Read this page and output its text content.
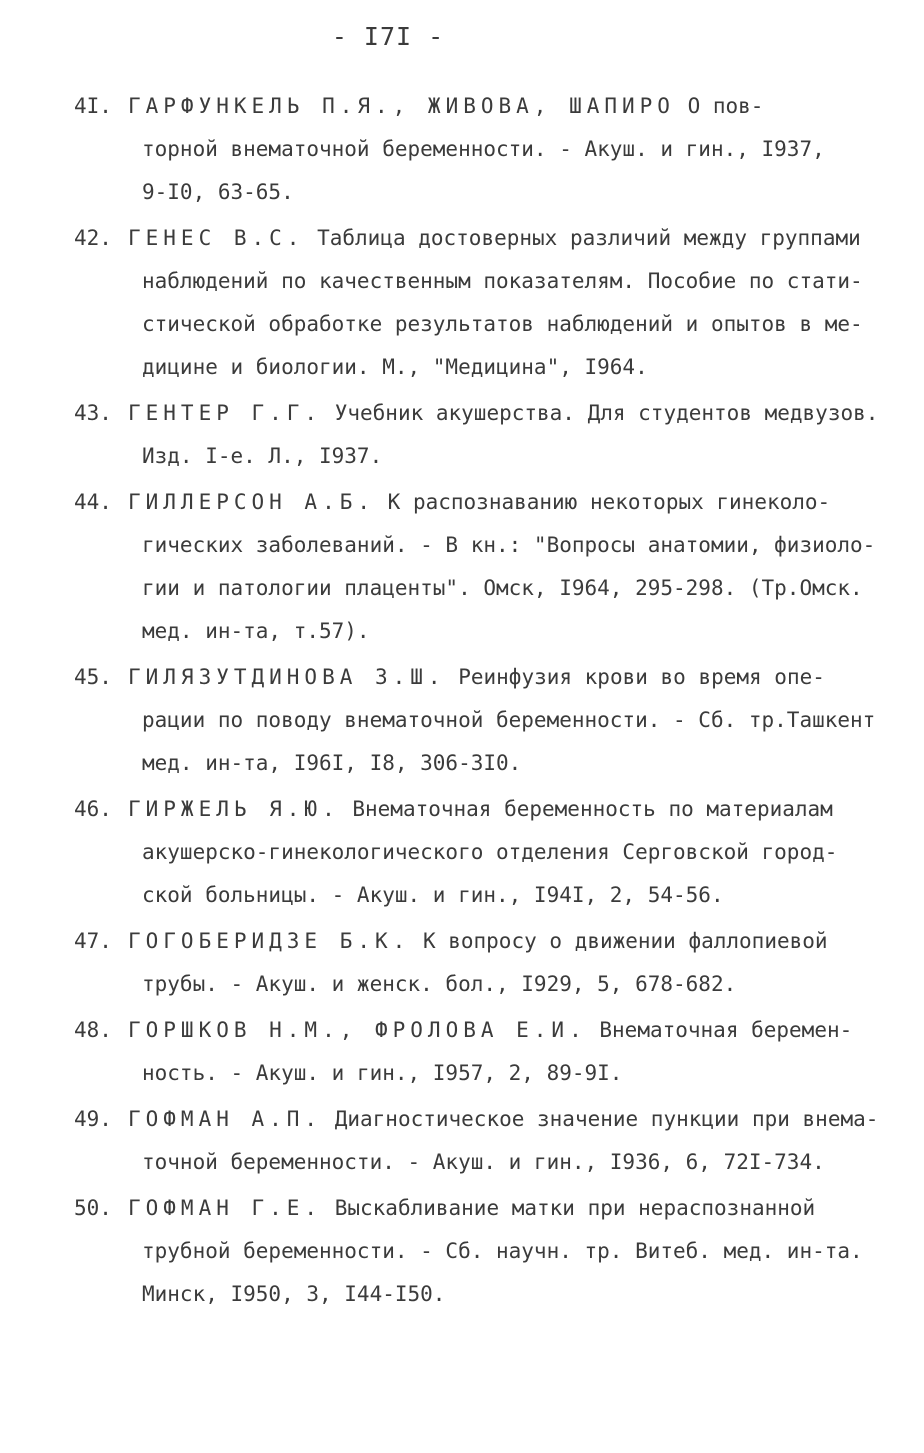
- I7I -
4I. ГАРФУНКЕЛЬ П.Я., ЖИВОВА, ШАПИРО О пов-
торной внематочной беременности. - Акуш. и гин., I937,
9-I0, 63-65.
42. ГЕНЕС В.С. Таблица достоверных различий между группами
наблюдений по качественным показателям. Пособие по стати-
стической обработке результатов наблюдений и опытов в ме-
дицине и биологии. М., "Медицина", I964.
43. ГЕНТЕР Г.Г. Учебник акушерства. Для студентов медвузов.
Изд. I-е. Л., I937.
44. ГИЛЛЕРСОН А.Б. К распознаванию некоторых гинеколо-
гических заболеваний. - В кн.: "Вопросы анатомии, физиоло-
гии и патологии плаценты". Омск, I964, 295-298. (Тр.Омск.
мед. ин-та, т.57).
45. ГИЛЯЗУТДИНОВА З.Ш. Реинфузия крови во время опе-
рации по поводу внематочной беременности. - Сб. тр.Ташкент
мед. ин-та, I96I, I8, 306-3I0.
46. ГИРЖЕЛЬ Я.Ю. Внематочная беременность по материалам
акушерско-гинекологического отделения Серговской город-
ской больницы. - Акуш. и гин., I94I, 2, 54-56.
47. ГОГОБЕРИДЗЕ Б.К. К вопросу о движении фаллопиевой
трубы. - Акуш. и женск. бол., I929, 5, 678-682.
48. ГОРШКОВ Н.М., ФРОЛОВА Е.И. Внематочная беремен-
ность. - Акуш. и гин., I957, 2, 89-9I.
49. ГОФМАН А.П. Диагностическое значение пункции при внема-
точной беременности. - Акуш. и гин., I936, 6, 72I-734.
50. ГОФМАН Г.Е. Выскабливание матки при нераспознанной
трубной беременности. - Сб. научн. тр. Витеб. мед. ин-та.
Минск, I950, 3, I44-I50.
